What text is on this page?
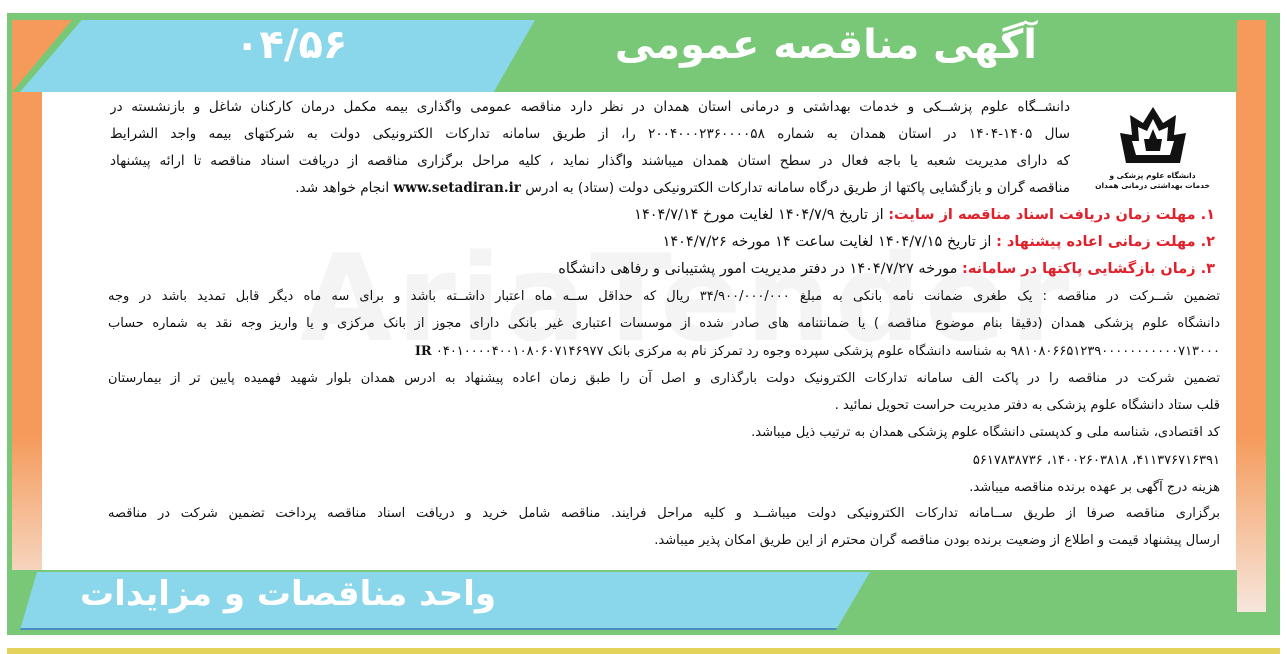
آگهی مناقصه عمومی
۰۴/۵۶
دانشگاه علوم پزشکی و
خدمات بهداشتی درمانی همدان
دانشــگاه علوم پزشــکی و خدمات بهداشتی و درمانی استان همدان در نظر دارد مناقصه عمومی واگذاری بیمه مکمل درمان کارکنان شاغل و بازنشسته در
سال ۱۴۰۵-۱۴۰۴ در استان همدان به شماره ۲۰۰۴۰۰۰۲۳۶۰۰۰۰۵۸ را، از طریق سامانه تدارکات الکترونیکی دولت به شرکتهای بیمه واجد الشرایط
که دارای مدیریت شعبه یا باجه فعال در سطح استان همدان میباشند واگذار نماید ، کلیه مراحل برگزاری مناقصه از دریافت اسناد مناقصه تا ارائه پیشنهاد
مناقصه گران و بازگشایی پاکتها از طریق درگاه سامانه تدارکات الکترونیکی دولت (ستاد) به ادرس www.setadiran.ir انجام خواهد شد.
۱. مهلت زمان دریافت اسناد مناقصه از سایت: از تاریخ ۱۴۰۴/۷/۹ لغایت مورخ ۱۴۰۴/۷/۱۴
۲. مهلت زمانی اعاده پیشنهاد : از تاریخ ۱۴۰۴/۷/۱۵ لغایت ساعت ۱۴ مورخه ۱۴۰۴/۷/۲۶
۳. زمان بازگشایی پاکتها در سامانه: مورخه ۱۴۰۴/۷/۲۷ در دفتر مدیریت امور پشتیبانی و رفاهی دانشگاه
تضمین شــرکت در مناقصه : یک طغری ضمانت نامه بانکی به مبلغ ۳۴/۹۰۰/۰۰۰/۰۰۰ ریال که حداقل ســه ماه اعتبار داشــته باشد و برای سه ماه دیگر قابل تمدید باشد در وجه
دانشگاه علوم پزشکی همدان (دقیقا بنام موضوع مناقصه ) یا ضمانتنامه های صادر شده از موسسات اعتباری غیر بانکی دارای مجوز از بانک مرکزی و یا واریز وجه نقد به شماره حساب
۹۸۱۰۸۰۶۶۵۱۲۳۹۰۰۰۰۰۰۰۰۰۰۰۷۱۳۰۰۰ به شناسه دانشگاه علوم پزشکی سپرده وجوه رد تمرکز نام به مرکزی بانک IR ۰۴۰۱۰۰۰۰۴۰۰۱۰۸۰۶۰۷۱۴۶۹۷۷
تضمین شرکت در مناقصه را در پاکت الف سامانه تدارکات الکترونیک دولت بارگذاری و اصل آن را طبق زمان اعاده پیشنهاد به ادرس همدان بلوار شهید فهمیده پایین تر از بیمارستان
قلب ستاد دانشگاه علوم پزشکی به دفتر مدیریت حراست تحویل نمائید .
کد اقتصادی، شناسه ملی و کدپستی دانشگاه علوم پزشکی همدان به ترتیب ذیل میباشد.
۴۱۱۳۷۶۷۱۶۳۹۱، ۱۴۰۰۲۶۰۳۸۱۸، ۵۶۱۷۸۳۸۷۳۶
هزینه درج آگهی بر عهده برنده مناقصه میباشد.
برگزاری مناقصه صرفا از طریق ســامانه تدارکات الکترونیکی دولت میباشــد و کلیه مراحل فرایند. مناقصه شامل خرید و دریافت اسناد مناقصه پرداخت تضمین شرکت در مناقصه
ارسال پیشنهاد قیمت و اطلاع از وضعیت برنده بودن مناقصه گران محترم از این طریق امکان پذیر میباشد.
واحد مناقصات و مزایدات
